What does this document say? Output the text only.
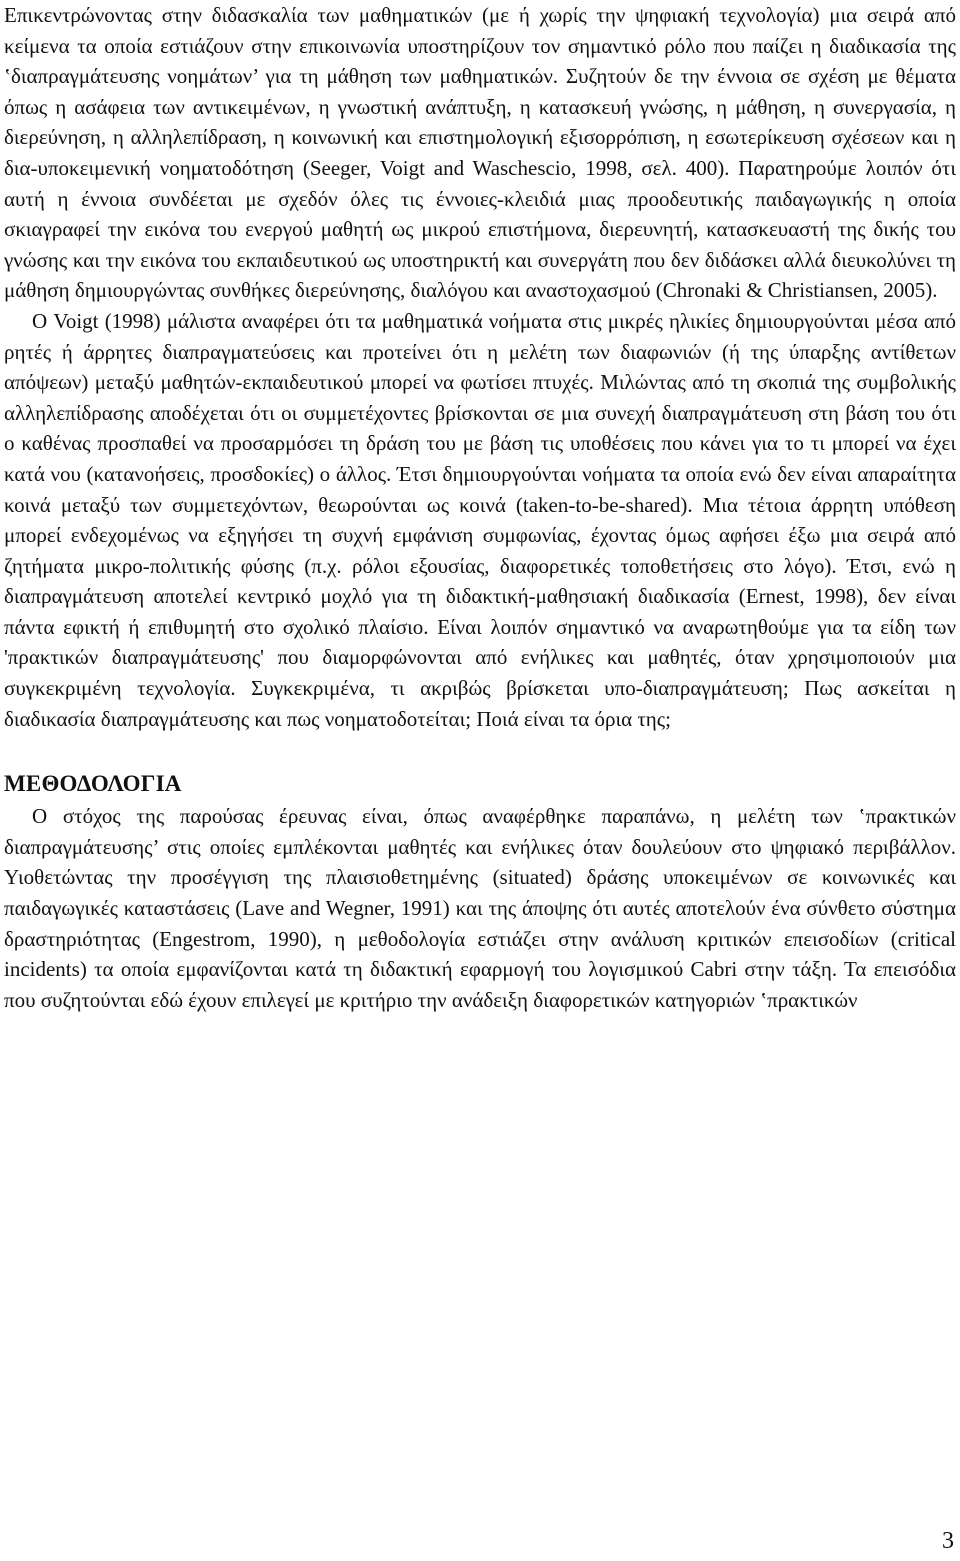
Επικεντρώνοντας στην διδασκαλία των μαθηματικών (με ή χωρίς την ψηφιακή τεχνολογία) μια σειρά από κείμενα τα οποία εστιάζουν στην επικοινωνία υποστηρίζουν τον σημαντικό ρόλο που παίζει η διαδικασία της ‛διαπραγμάτευσης νοημάτων’ για τη μάθηση των μαθηματικών. Συζητούν δε την έννοια σε σχέση με θέματα όπως η ασάφεια των αντικειμένων, η γνωστική ανάπτυξη, η κατασκευή γνώσης, η μάθηση, η συνεργασία, η διερεύνηση, η αλληλεπίδραση, η κοινωνική και επιστημολογική εξισορρόπιση, η εσωτερίκευση σχέσεων και η δια-υποκειμενική νοηματοδότηση (Seeger, Voigt and Waschescio, 1998, σελ. 400). Παρατηρούμε λοιπόν ότι αυτή η έννοια συνδέεται με σχεδόν όλες τις έννοιες-κλειδιά μιας προοδευτικής παιδαγωγικής η οποία σκιαγραφεί την εικόνα του ενεργού μαθητή ως μικρού επιστήμονα, διερευνητή, κατασκευαστή της δικής του γνώσης και την εικόνα του εκπαιδευτικού ως υποστηρικτή και συνεργάτη που δεν διδάσκει αλλά διευκολύνει τη μάθηση δημιουργώντας συνθήκες διερεύνησης, διαλόγου και αναστοχασμού (Chronaki & Christiansen, 2005).

Ο Voigt (1998) μάλιστα αναφέρει ότι τα μαθηματικά νοήματα στις μικρές ηλικίες δημιουργούνται μέσα από ρητές ή άρρητες διαπραγματεύσεις και προτείνει ότι η μελέτη των διαφωνιών (ή της ύπαρξης αντίθετων απόψεων) μεταξύ μαθητών-εκπαιδευτικού μπορεί να φωτίσει πτυχές. Μιλώντας από τη σκοπιά της συμβολικής αλληλεπίδρασης αποδέχεται ότι οι συμμετέχοντες βρίσκονται σε μια συνεχή διαπραγμάτευση στη βάση του ότι ο καθένας προσπαθεί να προσαρμόσει τη δράση του με βάση τις υποθέσεις που κάνει για το τι μπορεί να έχει κατά νου (κατανοήσεις, προσδοκίες) ο άλλος. Έτσι δημιουργούνται νοήματα τα οποία ενώ δεν είναι απαραίτητα κοινά μεταξύ των συμμετεχόντων, θεωρούνται ως κοινά (taken-to-be-shared). Μια τέτοια άρρητη υπόθεση μπορεί ενδεχομένως να εξηγήσει τη συχνή εμφάνιση συμφωνίας, έχοντας όμως αφήσει έξω μια σειρά από ζητήματα μικρο-πολιτικής φύσης (π.χ. ρόλοι εξουσίας, διαφορετικές τοποθετήσεις στο λόγο). Έτσι, ενώ η διαπραγμάτευση αποτελεί κεντρικό μοχλό για τη διδακτική-μαθησιακή διαδικασία (Ernest, 1998), δεν είναι πάντα εφικτή ή επιθυμητή στο σχολικό πλαίσιο. Είναι λοιπόν σημαντικό να αναρωτηθούμε για τα είδη των 'πρακτικών διαπραγμάτευσης' που διαμορφώνονται από ενήλικες και μαθητές, όταν χρησιμοποιούν μια συγκεκριμένη τεχνολογία. Συγκεκριμένα, τι ακριβώς βρίσκεται υπο-διαπραγμάτευση; Πως ασκείται η διαδικασία διαπραγμάτευσης και πως νοηματοδοτείται; Ποιά είναι τα όρια της;

ΜΕΘΟΔΟΛΟΓΙΑ

Ο στόχος της παρούσας έρευνας είναι, όπως αναφέρθηκε παραπάνω, η μελέτη των ‛πρακτικών διαπραγμάτευσης’ στις οποίες εμπλέκονται μαθητές και ενήλικες όταν δουλεύουν στο ψηφιακό περιβάλλον. Υιοθετώντας την προσέγγιση της πλαισιοθετημένης (situated) δράσης υποκειμένων σε κοινωνικές και παιδαγωγικές καταστάσεις (Lave and Wegner, 1991) και της άποψης ότι αυτές αποτελούν ένα σύνθετο σύστημα δραστηριότητας (Engestrom, 1990), η μεθοδολογία εστιάζει στην ανάλυση κριτικών επεισοδίων (critical incidents) τα οποία εμφανίζονται κατά τη διδακτική εφαρμογή του λογισμικού Cabri στην τάξη. Τα επεισόδια που συζητούνται εδώ έχουν επιλεγεί με κριτήριο την ανάδειξη διαφορετικών κατηγοριών ‛πρακτικών

3
